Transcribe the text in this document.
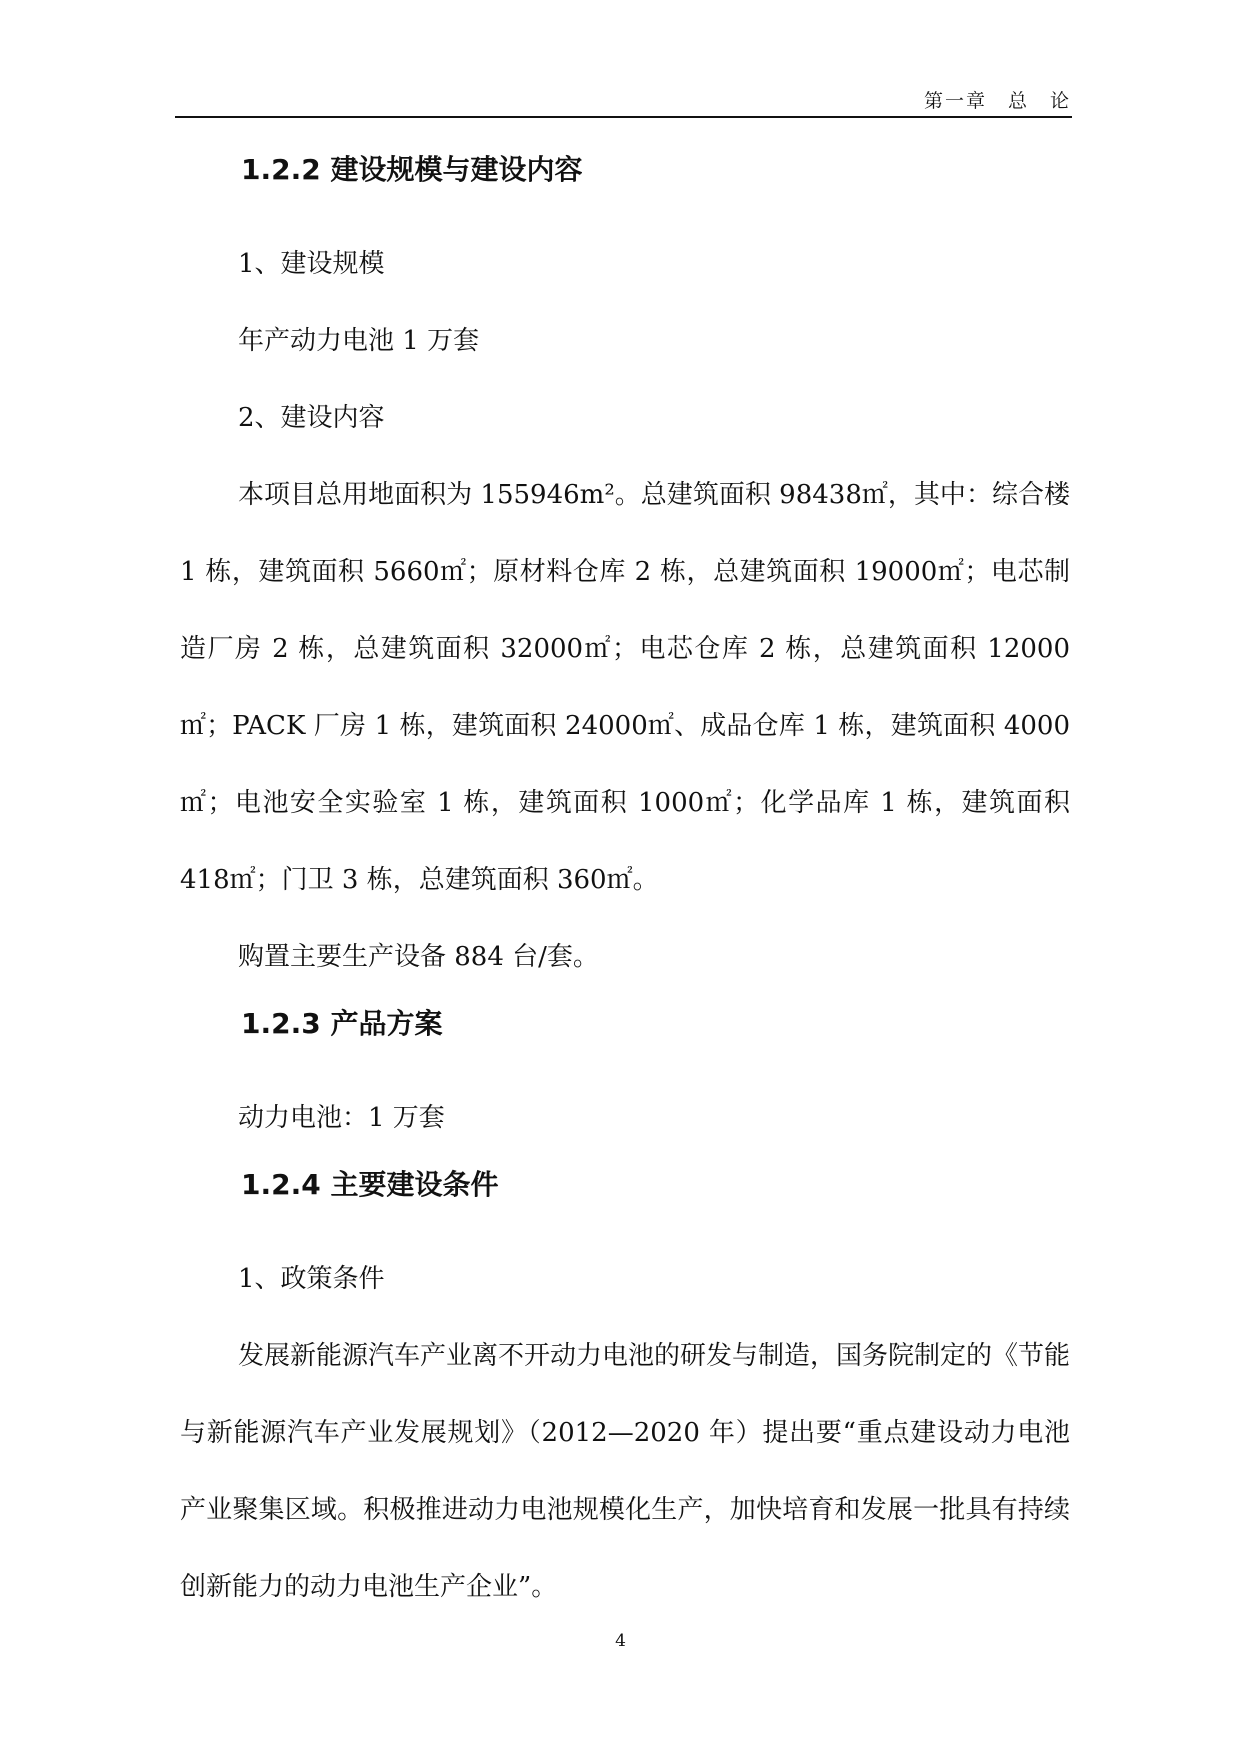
第一章　总　论
1.2.2 建设规模与建设内容
1、建设规模
年产动力电池 1 万套
2、建设内容

本项目总用地面积为 155946m²。总建筑面积 98438㎡，其中：综合楼 1 栋，建筑面积 5660㎡；原材料仓库 2 栋，总建筑面积 19000㎡；电芯制造厂房 2 栋，总建筑面积 32000㎡；电芯仓库 2 栋，总建筑面积 12000㎡；PACK 厂房 1 栋，建筑面积 24000㎡、成品仓库 1 栋，建筑面积 4000㎡；电池安全实验室 1 栋，建筑面积 1000㎡；化学品库 1 栋，建筑面积 418㎡；门卫 3 栋，总建筑面积 360㎡。

购置主要生产设备 884 台/套。
1.2.3 产品方案
动力电池：1 万套
1.2.4 主要建设条件
1、政策条件

发展新能源汽车产业离不开动力电池的研发与制造，国务院制定的《节能与新能源汽车产业发展规划》（2012—2020 年）提出要“重点建设动力电池产业聚集区域。积极推进动力电池规模化生产，加快培育和发展一批具有持续创新能力的动力电池生产企业”。

4
